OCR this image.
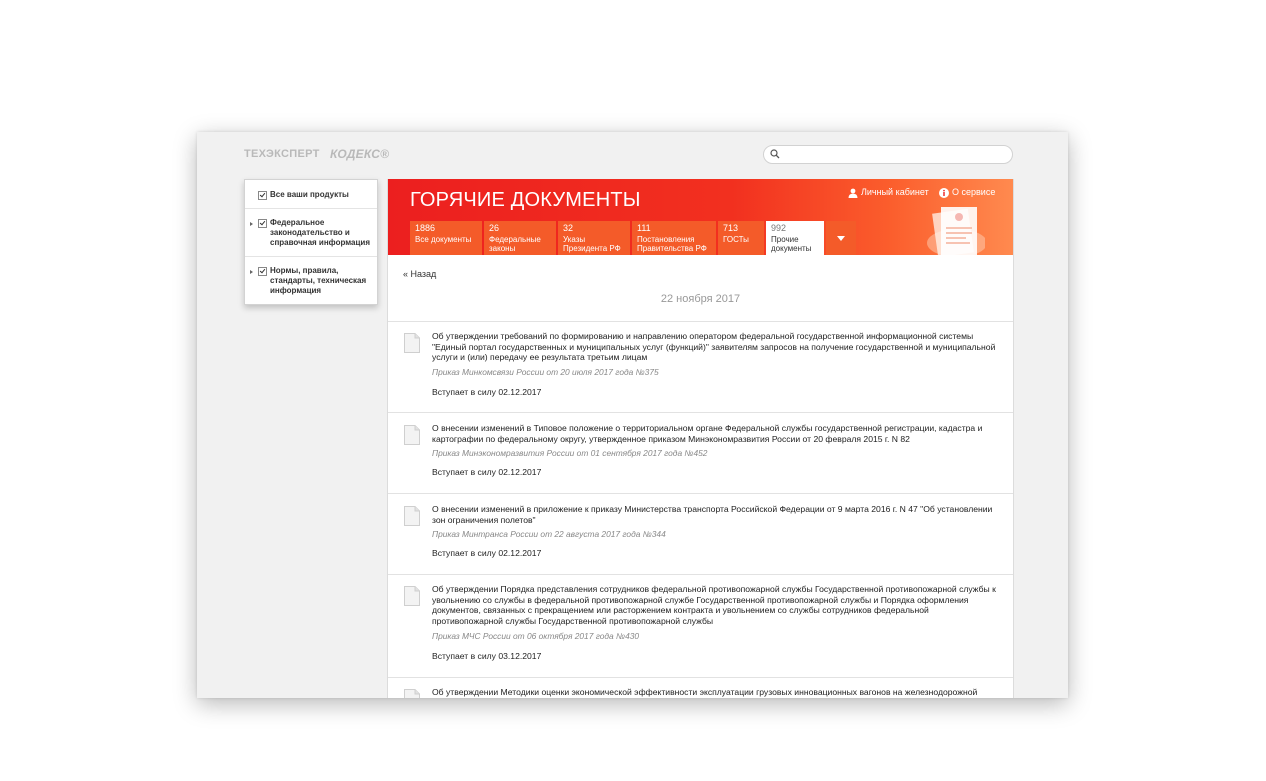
ТЕХЭКСПЕРТ КОДЕКС®
Все ваши продукты
Федеральное законодательство и справочная информация
Нормы, правила, стандарты, техническая информация
ГОРЯЧИЕ ДОКУМЕНТЫ	Личный кабинет	О сервисе
1886
Все документы
26
Федеральные законы
32
Указы Президента РФ
111
Постановления Правительства РФ
713
ГОСТы
992
Прочие документы
« Назад
22 ноября 2017
Об утверждении требований по формированию и направлению оператором федеральной государственной информационной системы "Единый портал государственных и муниципальных услуг (функций)" заявителям запросов на получение государственной и муниципальной услуги и (или) передачу ее результата третьим лицам
Приказ Минкомсвязи России от 20 июля 2017 года №375
Вступает в силу 02.12.2017
О внесении изменений в Типовое положение о территориальном органе Федеральной службы государственной регистрации, кадастра и картографии по федеральному округу, утвержденное приказом Минэкономразвития России от 20 февраля 2015 г. N 82
Приказ Минэкономразвития России от 01 сентября 2017 года №452
Вступает в силу 02.12.2017
О внесении изменений в приложение к приказу Министерства транспорта Российской Федерации от 9 марта 2016 г. N 47 "Об установлении зон ограничения полетов"
Приказ Минтранса России от 22 августа 2017 года №344
Вступает в силу 02.12.2017
Об утверждении Порядка представления сотрудников федеральной противопожарной службы Государственной противопожарной службы к увольнению со службы в федеральной противопожарной службе Государственной противопожарной службы и Порядка оформления документов, связанных с прекращением или расторжением контракта и увольнением со службы сотрудников федеральной противопожарной службы Государственной противопожарной службы
Приказ МЧС России от 06 октября 2017 года №430
Вступает в силу 03.12.2017
Об утверждении Методики оценки экономической эффективности эксплуатации грузовых инновационных вагонов на железнодорожной
